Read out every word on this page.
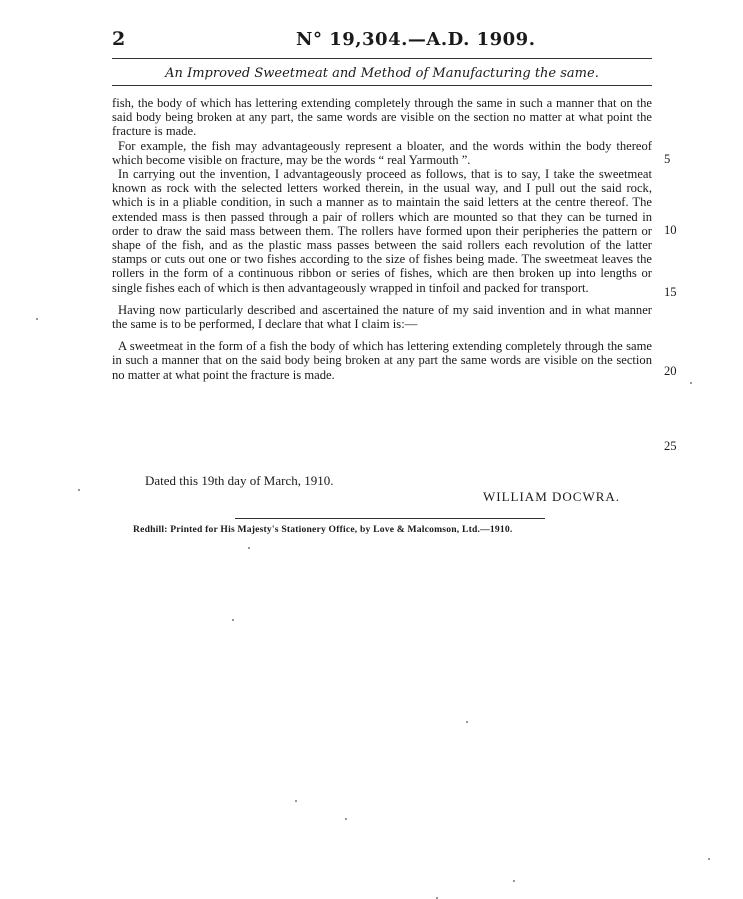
2	N° 19,304.—A.D. 1909.
An Improved Sweetmeat and Method of Manufacturing the same.

fish, the body of which has lettering extending completely through the same in such a manner that on the said body being broken at any part, the same words are visible on the section no matter at what point the fracture is made.

For example, the fish may advantageously represent a bloater, and the words within the body thereof which become visible on fracture, may be the words “ real Yarmouth ”.

In carrying out the invention, I advantageously proceed as follows, that is to say, I take the sweetmeat known as rock with the selected letters worked therein, in the usual way, and I pull out the said rock, which is in a pliable condition, in such a manner as to maintain the said letters at the centre thereof. The extended mass is then passed through a pair of rollers which are mounted so that they can be turned in order to draw the said mass between them. The rollers have formed upon their peripheries the pattern or shape of the fish, and as the plastic mass passes between the said rollers each revolution of the latter stamps or cuts out one or two fishes according to the size of fishes being made. The sweetmeat leaves the rollers in the form of a continuous ribbon or series of fishes, which are then broken up into lengths or single fishes each of which is then advantageously wrapped in tinfoil and packed for transport.

Having now particularly described and ascertained the nature of my said invention and in what manner the same is to be performed, I declare that what I claim is:—

A sweetmeat in the form of a fish the body of which has lettering extending completely through the same in such a manner that on the said body being broken at any part the same words are visible on the section no matter at what point the fracture is made.

5
10
15
20
25
Dated this 19th day of March, 1910.
WILLIAM DOCWRA.
Redhill: Printed for His Majesty's Stationery Office, by Love & Malcomson, Ltd.—1910.
